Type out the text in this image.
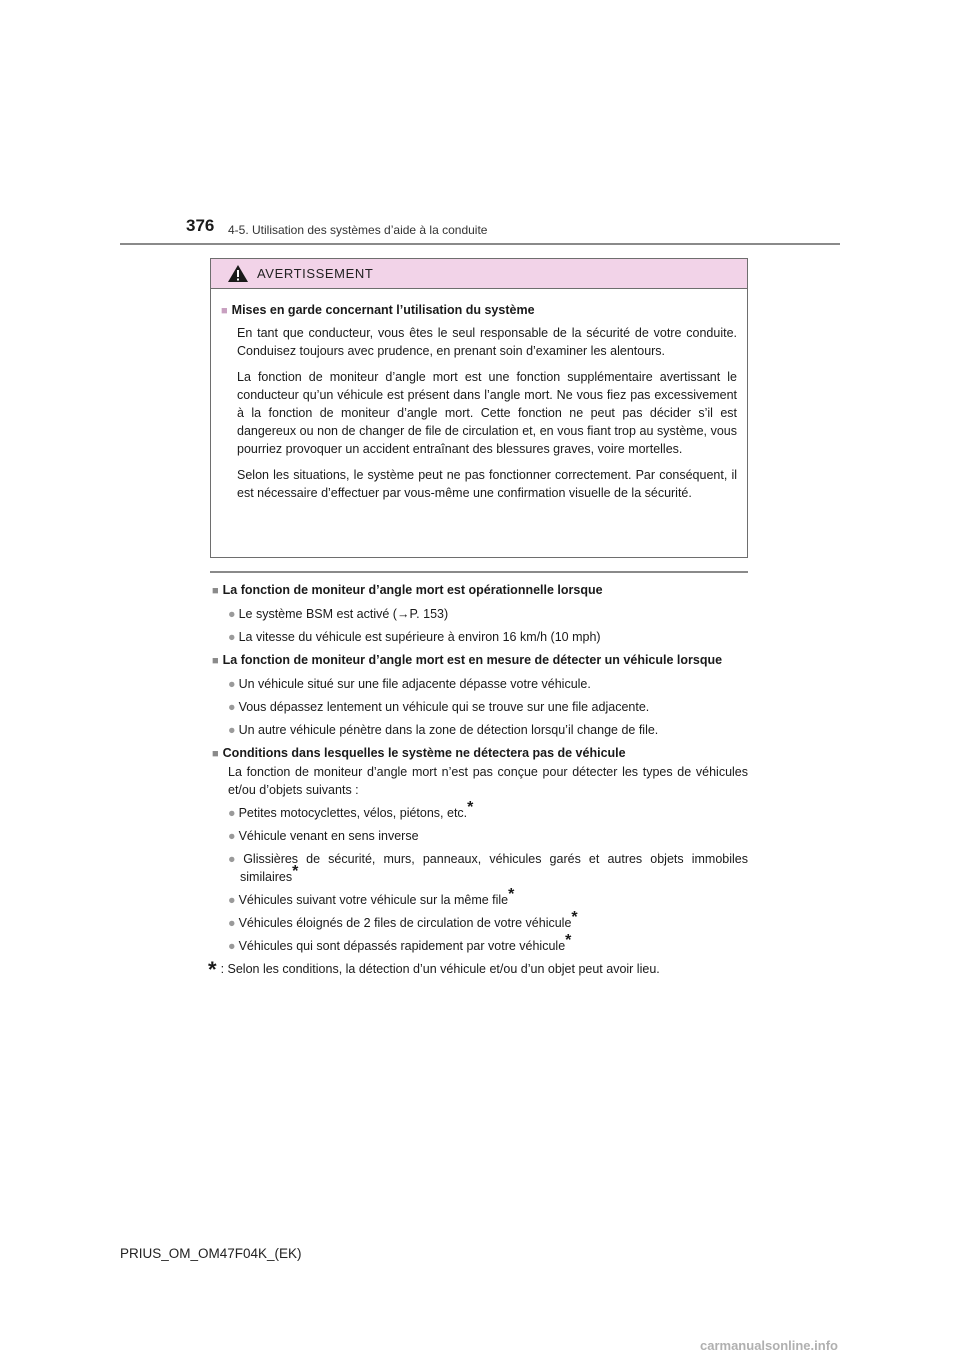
376 4-5. Utilisation des systèmes d’aide à la conduite
AVERTISSEMENT
■ Mises en garde concernant l’utilisation du système

En tant que conducteur, vous êtes le seul responsable de la sécurité de votre conduite. Conduisez toujours avec prudence, en prenant soin d’examiner les alentours.

La fonction de moniteur d’angle mort est une fonction supplémentaire avertissant le conducteur qu’un véhicule est présent dans l’angle mort. Ne vous fiez pas excessivement à la fonction de moniteur d’angle mort. Cette fonction ne peut pas décider s’il est dangereux ou non de changer de file de circulation et, en vous fiant trop au système, vous pourriez provoquer un accident entraînant des blessures graves, voire mortelles.

Selon les situations, le système peut ne pas fonctionner correctement. Par conséquent, il est nécessaire d’effectuer par vous-même une confirmation visuelle de la sécurité.

■ La fonction de moniteur d’angle mort est opérationnelle lorsque
● Le système BSM est activé (→P. 153)
● La vitesse du véhicule est supérieure à environ 16 km/h (10 mph)
■ La fonction de moniteur d’angle mort est en mesure de détecter un véhicule lorsque
● Un véhicule situé sur une file adjacente dépasse votre véhicule.
● Vous dépassez lentement un véhicule qui se trouve sur une file adjacente.
● Un autre véhicule pénètre dans la zone de détection lorsqu’il change de file.
■ Conditions dans lesquelles le système ne détectera pas de véhicule
La fonction de moniteur d’angle mort n’est pas conçue pour détecter les types de véhicules et/ou d’objets suivants :
● Petites motocyclettes, vélos, piétons, etc.*
● Véhicule venant en sens inverse
● Glissières de sécurité, murs, panneaux, véhicules garés et autres objets immobiles similaires*
● Véhicules suivant votre véhicule sur la même file*
● Véhicules éloignés de 2 files de circulation de votre véhicule*
● Véhicules qui sont dépassés rapidement par votre véhicule*
* : Selon les conditions, la détection d’un véhicule et/ou d’un objet peut avoir lieu.
PRIUS_OM_OM47F04K_(EK)
carmanualsonline.info
